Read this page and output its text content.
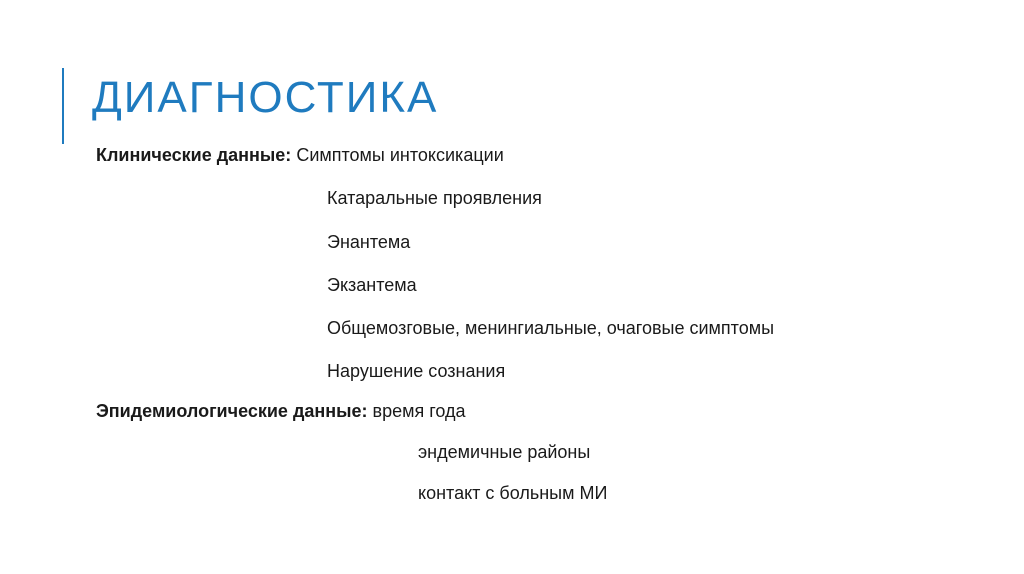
ДИАГНОСТИКА
Клинические данные: Симптомы интоксикации
Катаральные проявления
Энантема
Экзантема
Общемозговые, менингиальные, очаговые симптомы
Нарушение сознания
Эпидемиологические данные: время года
эндемичные районы
контакт с больным МИ
